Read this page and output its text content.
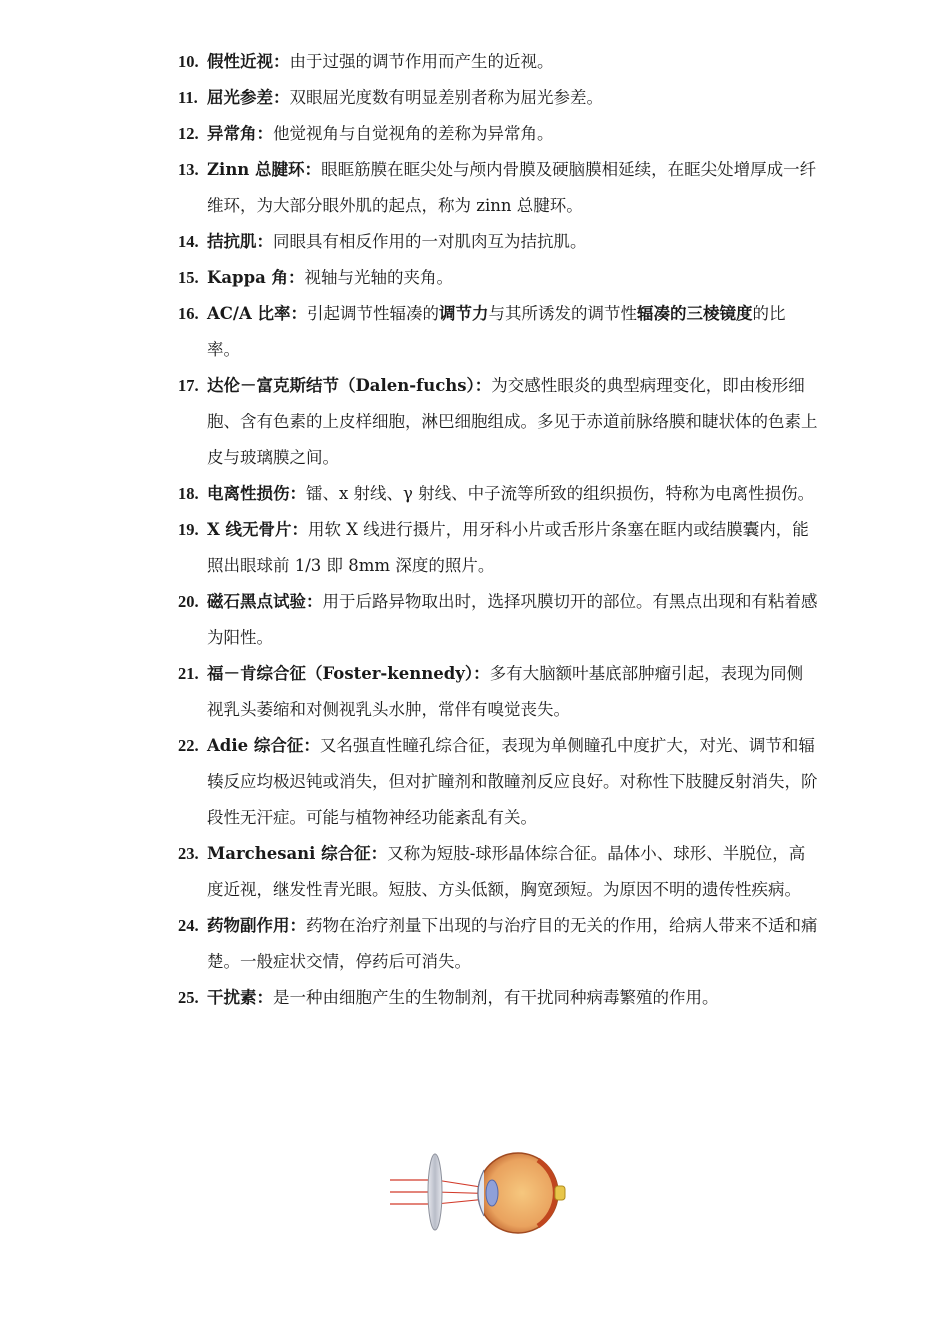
10. 假性近视：由于过强的调节作用而产生的近视。
11. 屈光参差：双眼屈光度数有明显差别者称为屈光参差。
12. 异常角：他觉视角与自觉视角的差称为异常角。
13. Zinn 总腱环：眼眶筋膜在眶尖处与颅内骨膜及硬脑膜相延续，在眶尖处增厚成一纤维环，为大部分眼外肌的起点，称为 zinn 总腱环。
14. 拮抗肌：同眼具有相反作用的一对肌肉互为拮抗肌。
15. Kappa 角：视轴与光轴的夹角。
16. AC/A 比率：引起调节性辐凑的调节力与其所诱发的调节性辐凑的三棱镜度的比率。
17. 达伦－富克斯结节（Dalen-fuchs）：为交感性眼炎的典型病理变化，即由梭形细胞、含有色素的上皮样细胞，淋巴细胞组成。多见于赤道前脉络膜和睫状体的色素上皮与玻璃膜之间。
18. 电离性损伤：镭、x 射线、γ 射线、中子流等所致的组织损伤，特称为电离性损伤。
19. X 线无骨片：用软 X 线进行摄片，用牙科小片或舌形片条塞在眶内或结膜囊内，能照出眼球前 1/3 即 8mm 深度的照片。
20. 磁石黑点试验：用于后路异物取出时，选择巩膜切开的部位。有黑点出现和有粘着感为阳性。
21. 福－肯综合征（Foster-kennedy）：多有大脑额叶基底部肿瘤引起，表现为同侧视乳头萎缩和对侧视乳头水肿，常伴有嗅觉丧失。
22. Adie 综合征：又名强直性瞳孔综合征，表现为单侧瞳孔中度扩大，对光、调节和辐辏反应均极迟钝或消失，但对扩瞳剂和散瞳剂反应良好。对称性下肢腱反射消失，阶段性无汗症。可能与植物神经功能紊乱有关。
23. Marchesani 综合征：又称为短肢-球形晶体综合征。晶体小、球形、半脱位，高度近视，继发性青光眼。短肢、方头低额，胸宽颈短。为原因不明的遗传性疾病。
24. 药物副作用：药物在治疗剂量下出现的与治疗目的无关的作用，给病人带来不适和痛楚。一般症状交情，停药后可消失。
25. 干扰素：是一种由细胞产生的生物制剂，有干扰同种病毒繁殖的作用。
